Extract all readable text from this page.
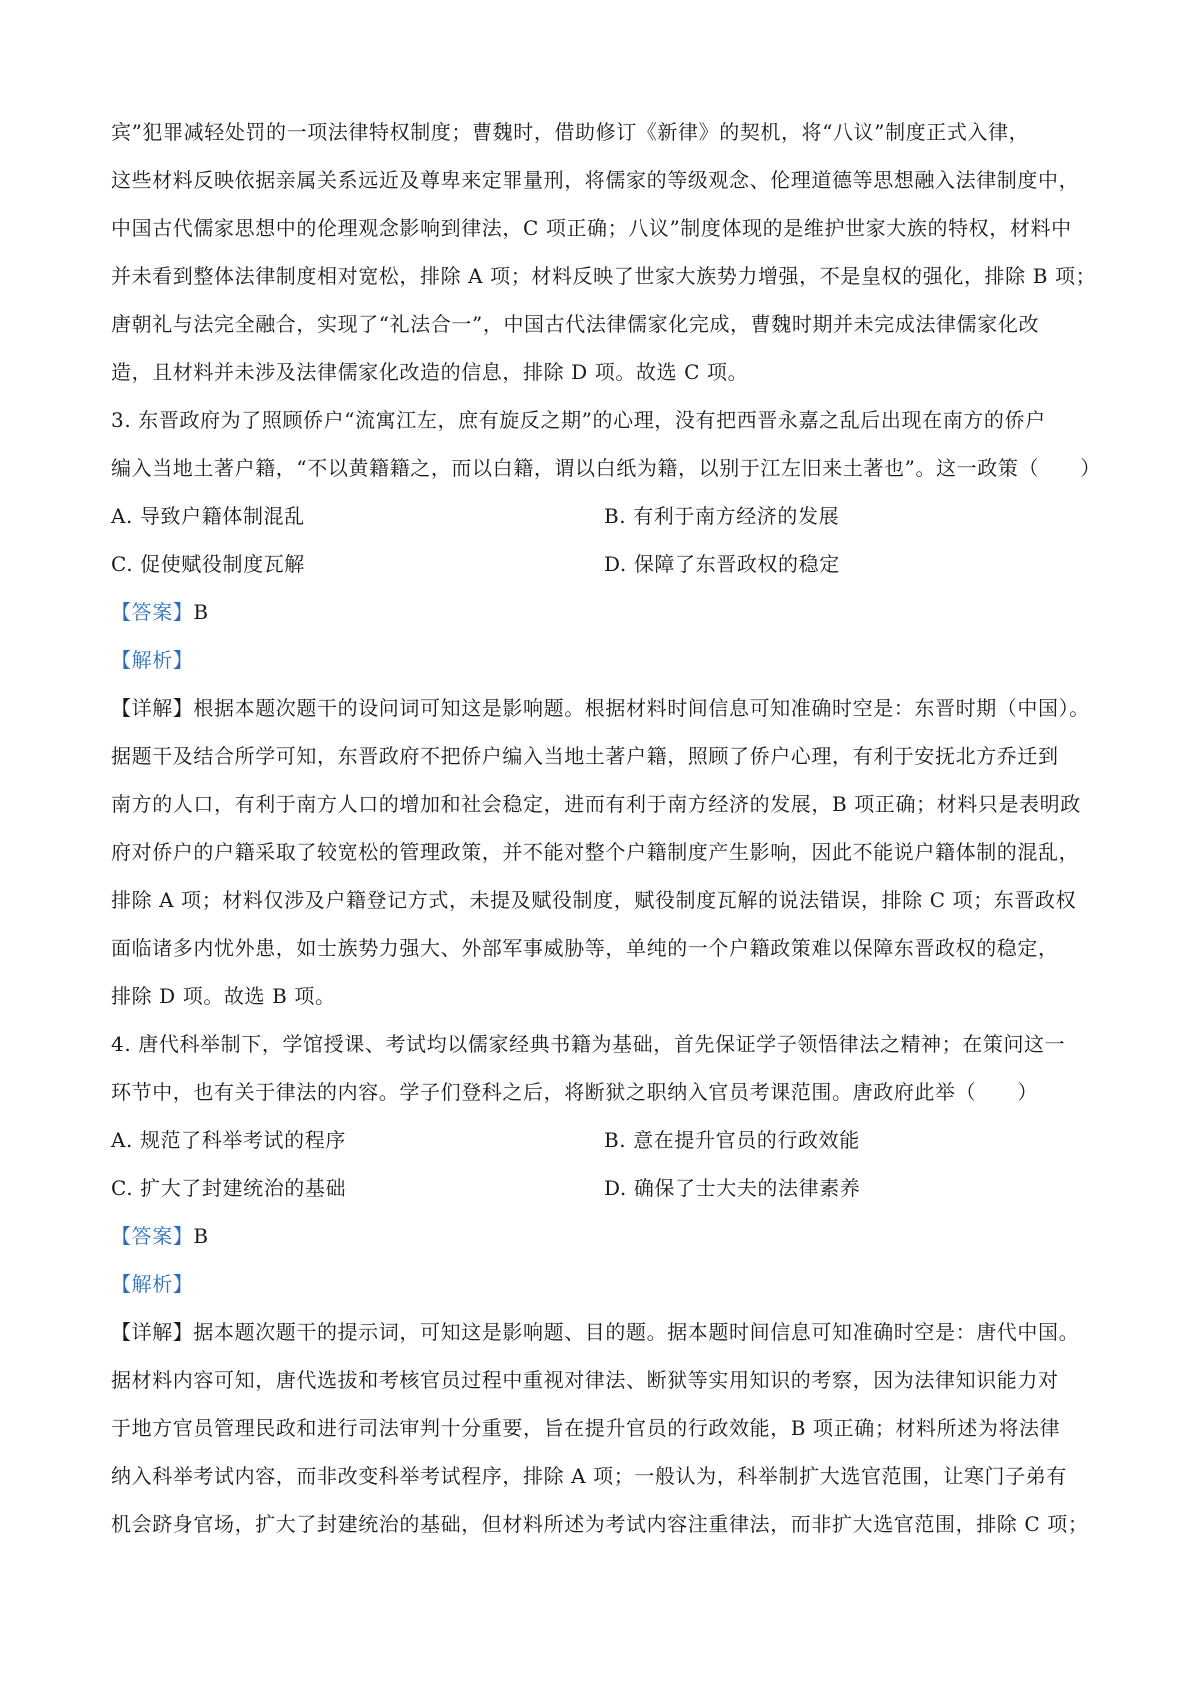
宾”犯罪减轻处罚的一项法律特权制度；曹魏时，借助修订《新律》的契机，将“八议”制度正式入律，

这些材料反映依据亲属关系远近及尊卑来定罪量刑，将儒家的等级观念、伦理道德等思想融入法律制度中，

中国古代儒家思想中的伦理观念影响到律法，C 项正确；八议”制度体现的是维护世家大族的特权，材料中

并未看到整体法律制度相对宽松，排除 A 项；材料反映了世家大族势力增强，不是皇权的强化，排除 B 项；

唐朝礼与法完全融合，实现了“礼法合一”，中国古代法律儒家化完成，曹魏时期并未完成法律儒家化改

造，且材料并未涉及法律儒家化改造的信息，排除 D 项。故选 C 项。

3. 东晋政府为了照顾侨户“流寓江左，庶有旋反之期”的心理，没有把西晋永嘉之乱后出现在南方的侨户

编入当地土著户籍，“不以黄籍籍之，而以白籍，谓以白纸为籍，以别于江左旧来土著也”。这一政策（　　）

A. 导致户籍体制混乱	B. 有利于南方经济的发展
C. 促使赋役制度瓦解	D. 保障了东晋政权的稳定
【答案】B
【解析】

【详解】根据本题次题干的设问词可知这是影响题。根据材料时间信息可知准确时空是：东晋时期（中国）。

据题干及结合所学可知，东晋政府不把侨户编入当地土著户籍，照顾了侨户心理，有利于安抚北方乔迁到

南方的人口，有利于南方人口的增加和社会稳定，进而有利于南方经济的发展，B 项正确；材料只是表明政

府对侨户的户籍采取了较宽松的管理政策，并不能对整个户籍制度产生影响，因此不能说户籍体制的混乱，

排除 A 项；材料仅涉及户籍登记方式，未提及赋役制度，赋役制度瓦解的说法错误，排除 C 项；东晋政权

面临诸多内忧外患，如士族势力强大、外部军事威胁等，单纯的一个户籍政策难以保障东晋政权的稳定，

排除 D 项。故选 B 项。

4. 唐代科举制下，学馆授课、考试均以儒家经典书籍为基础，首先保证学子领悟律法之精神；在策问这一

环节中，也有关于律法的内容。学子们登科之后，将断狱之职纳入官员考课范围。唐政府此举（　　）

A. 规范了科举考试的程序	B. 意在提升官员的行政效能
C. 扩大了封建统治的基础	D. 确保了士大夫的法律素养
【答案】B
【解析】

【详解】据本题次题干的提示词，可知这是影响题、目的题。据本题时间信息可知准确时空是：唐代中国。

据材料内容可知，唐代选拔和考核官员过程中重视对律法、断狱等实用知识的考察，因为法律知识能力对

于地方官员管理民政和进行司法审判十分重要，旨在提升官员的行政效能，B 项正确；材料所述为将法律

纳入科举考试内容，而非改变科举考试程序，排除 A 项；一般认为，科举制扩大选官范围，让寒门子弟有

机会跻身官场，扩大了封建统治的基础，但材料所述为考试内容注重律法，而非扩大选官范围，排除 C 项；
